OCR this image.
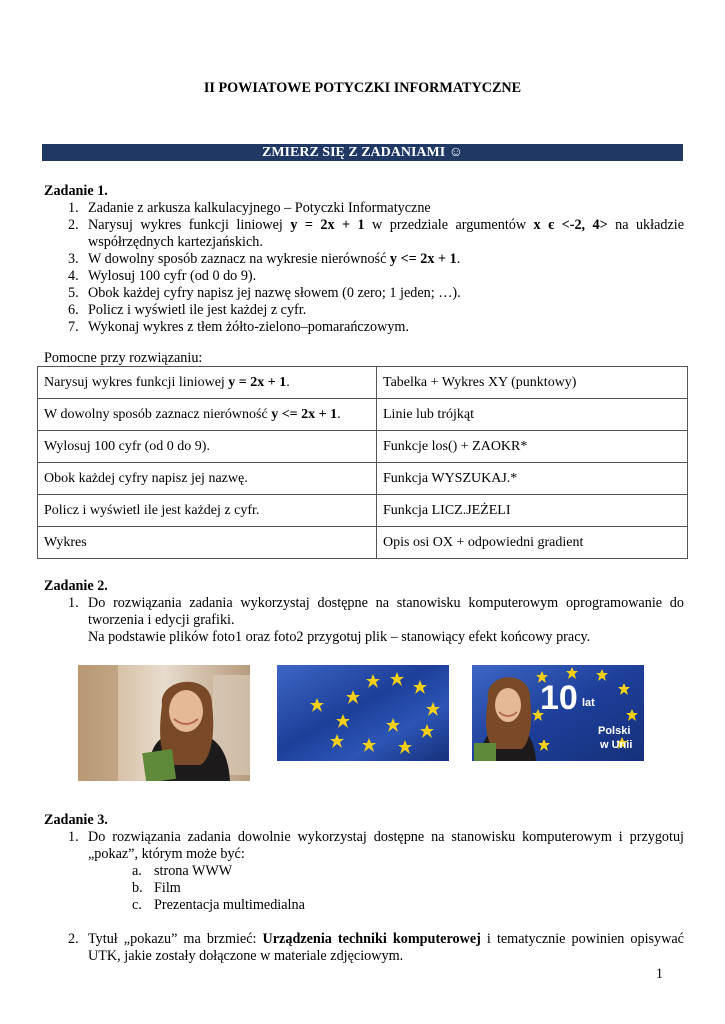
II POWIATOWE POTYCZKI INFORMATYCZNE
ZMIERZ SIĘ Z ZADANIAMI ☺
Zadanie 1.
1. Zadanie z arkusza kalkulacyjnego – Potyczki Informatyczne
2. Narysuj wykres funkcji liniowej y = 2x + 1 w przedziale argumentów x є <-2, 4> na układzie współrzędnych kartezjańskich.
3. W dowolny sposób zaznacz na wykresie nierówność y <= 2x + 1.
4. Wylosuj 100 cyfr (od 0 do 9).
5. Obok każdej cyfry napisz jej nazwę słowem (0 zero; 1 jeden; …).
6. Policz i wyświetl ile jest każdej z cyfr.
7. Wykonaj wykres z tłem żółto-zielono–pomarańczowym.
Pomocne przy rozwiązaniu:
Narysuj wykres funkcji liniowej y = 2x + 1.	Tabelka + Wykres XY (punktowy)
W dowolny sposób zaznacz nierówność y <= 2x + 1.	Linie lub trójkąt
Wylosuj 100 cyfr (od 0 do 9).	Funkcje los() + ZAOKR*
Obok każdej cyfry napisz jej nazwę.	Funkcja WYSZUKAJ.*
Policz i wyświetl ile jest każdej z cyfr.	Funkcja LICZ.JEŻELI
Wykres	Opis osi OX + odpowiedni gradient
Zadanie 2.
1. Do rozwiązania zadania wykorzystaj dostępne na stanowisku komputerowym oprogramowanie do tworzenia i edycji grafiki.
Na podstawie plików foto1 oraz foto2 przygotuj plik – stanowiący efekt końcowy pracy.
10 lat
Polski
w Unii
Zadanie 3.
1. Do rozwiązania zadania dowolnie wykorzystaj dostępne na stanowisku komputerowym i przygotuj „pokaz”, którym może być:
a. strona WWW
b. Film
c. Prezentacja multimedialna
2. Tytuł „pokazu” ma brzmieć: Urządzenia techniki komputerowej i tematycznie powinien opisywać UTK, jakie zostały dołączone w materiale zdjęciowym.
1
